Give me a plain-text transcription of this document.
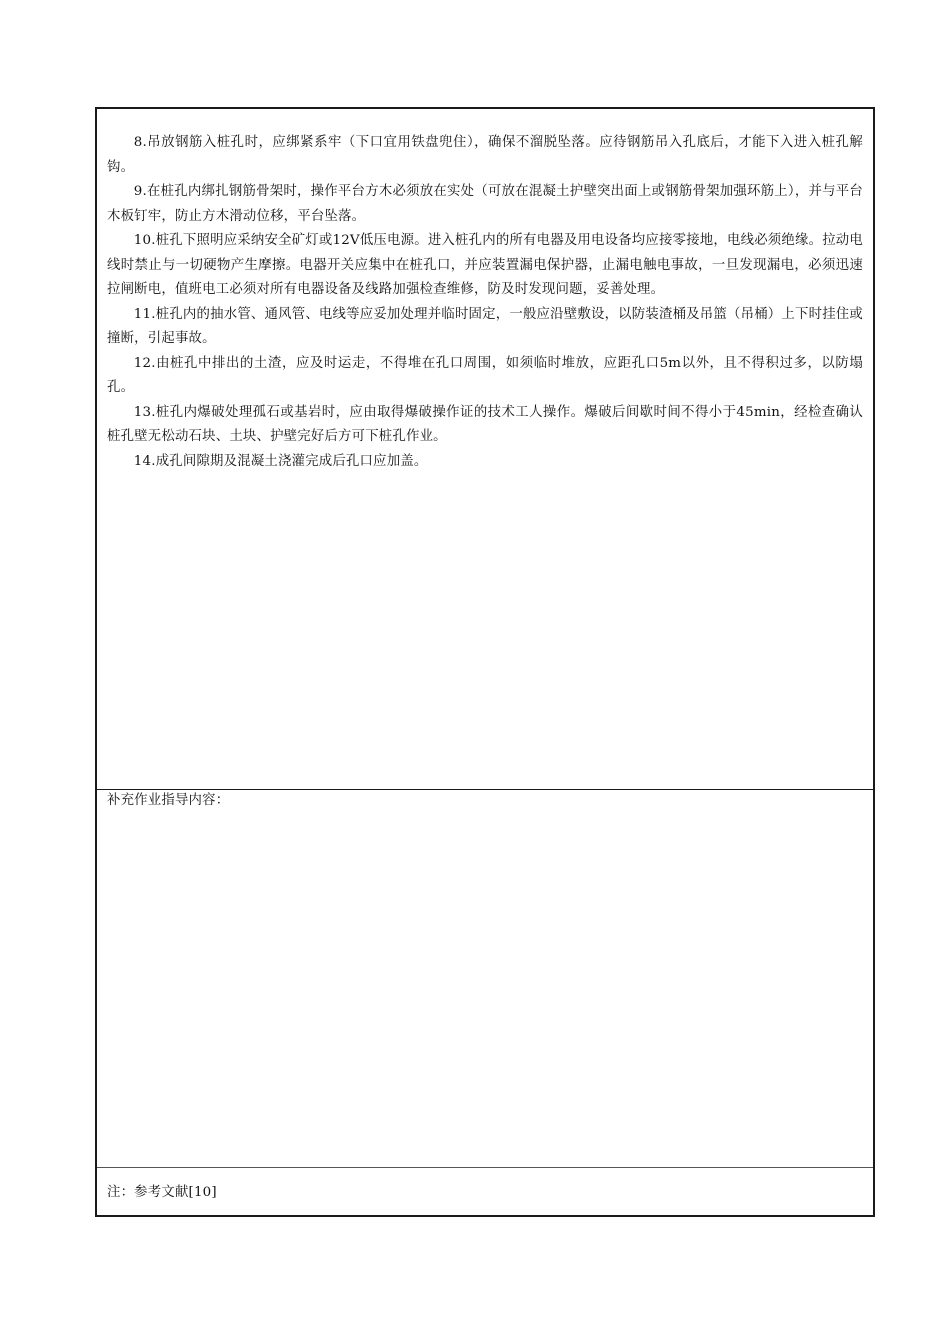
8.吊放钢筋入桩孔时，应绑紧系牢（下口宜用铁盘兜住），确保不溜脱坠落。应待钢筋吊入孔底后，才能下入进入桩孔解钩。

9.在桩孔内绑扎钢筋骨架时，操作平台方木必须放在实处（可放在混凝土护壁突出面上或钢筋骨架加强环筋上），并与平台木板钉牢，防止方木滑动位移，平台坠落。

10.桩孔下照明应采纳安全矿灯或12V低压电源。进入桩孔内的所有电器及用电设备均应接零接地，电线必须绝缘。拉动电线时禁止与一切硬物产生摩擦。电器开关应集中在桩孔口，并应装置漏电保护器，止漏电触电事故，一旦发现漏电，必须迅速拉闸断电，值班电工必须对所有电器设备及线路加强检查维修，防及时发现问题，妥善处理。

11.桩孔内的抽水管、通风管、电线等应妥加处理并临时固定，一般应沿壁敷设，以防装渣桶及吊篮（吊桶）上下时挂住或撞断，引起事故。

12.由桩孔中排出的土渣，应及时运走，不得堆在孔口周围，如须临时堆放，应距孔口5m以外，且不得积过多，以防塌孔。

13.桩孔内爆破处理孤石或基岩时，应由取得爆破操作证的技术工人操作。爆破后间歇时间不得小于45min，经检查确认桩孔壁无松动石块、土块、护壁完好后方可下桩孔作业。

14.成孔间隙期及混凝土浇灌完成后孔口应加盖。

补充作业指导内容：

注：参考文献[10]
